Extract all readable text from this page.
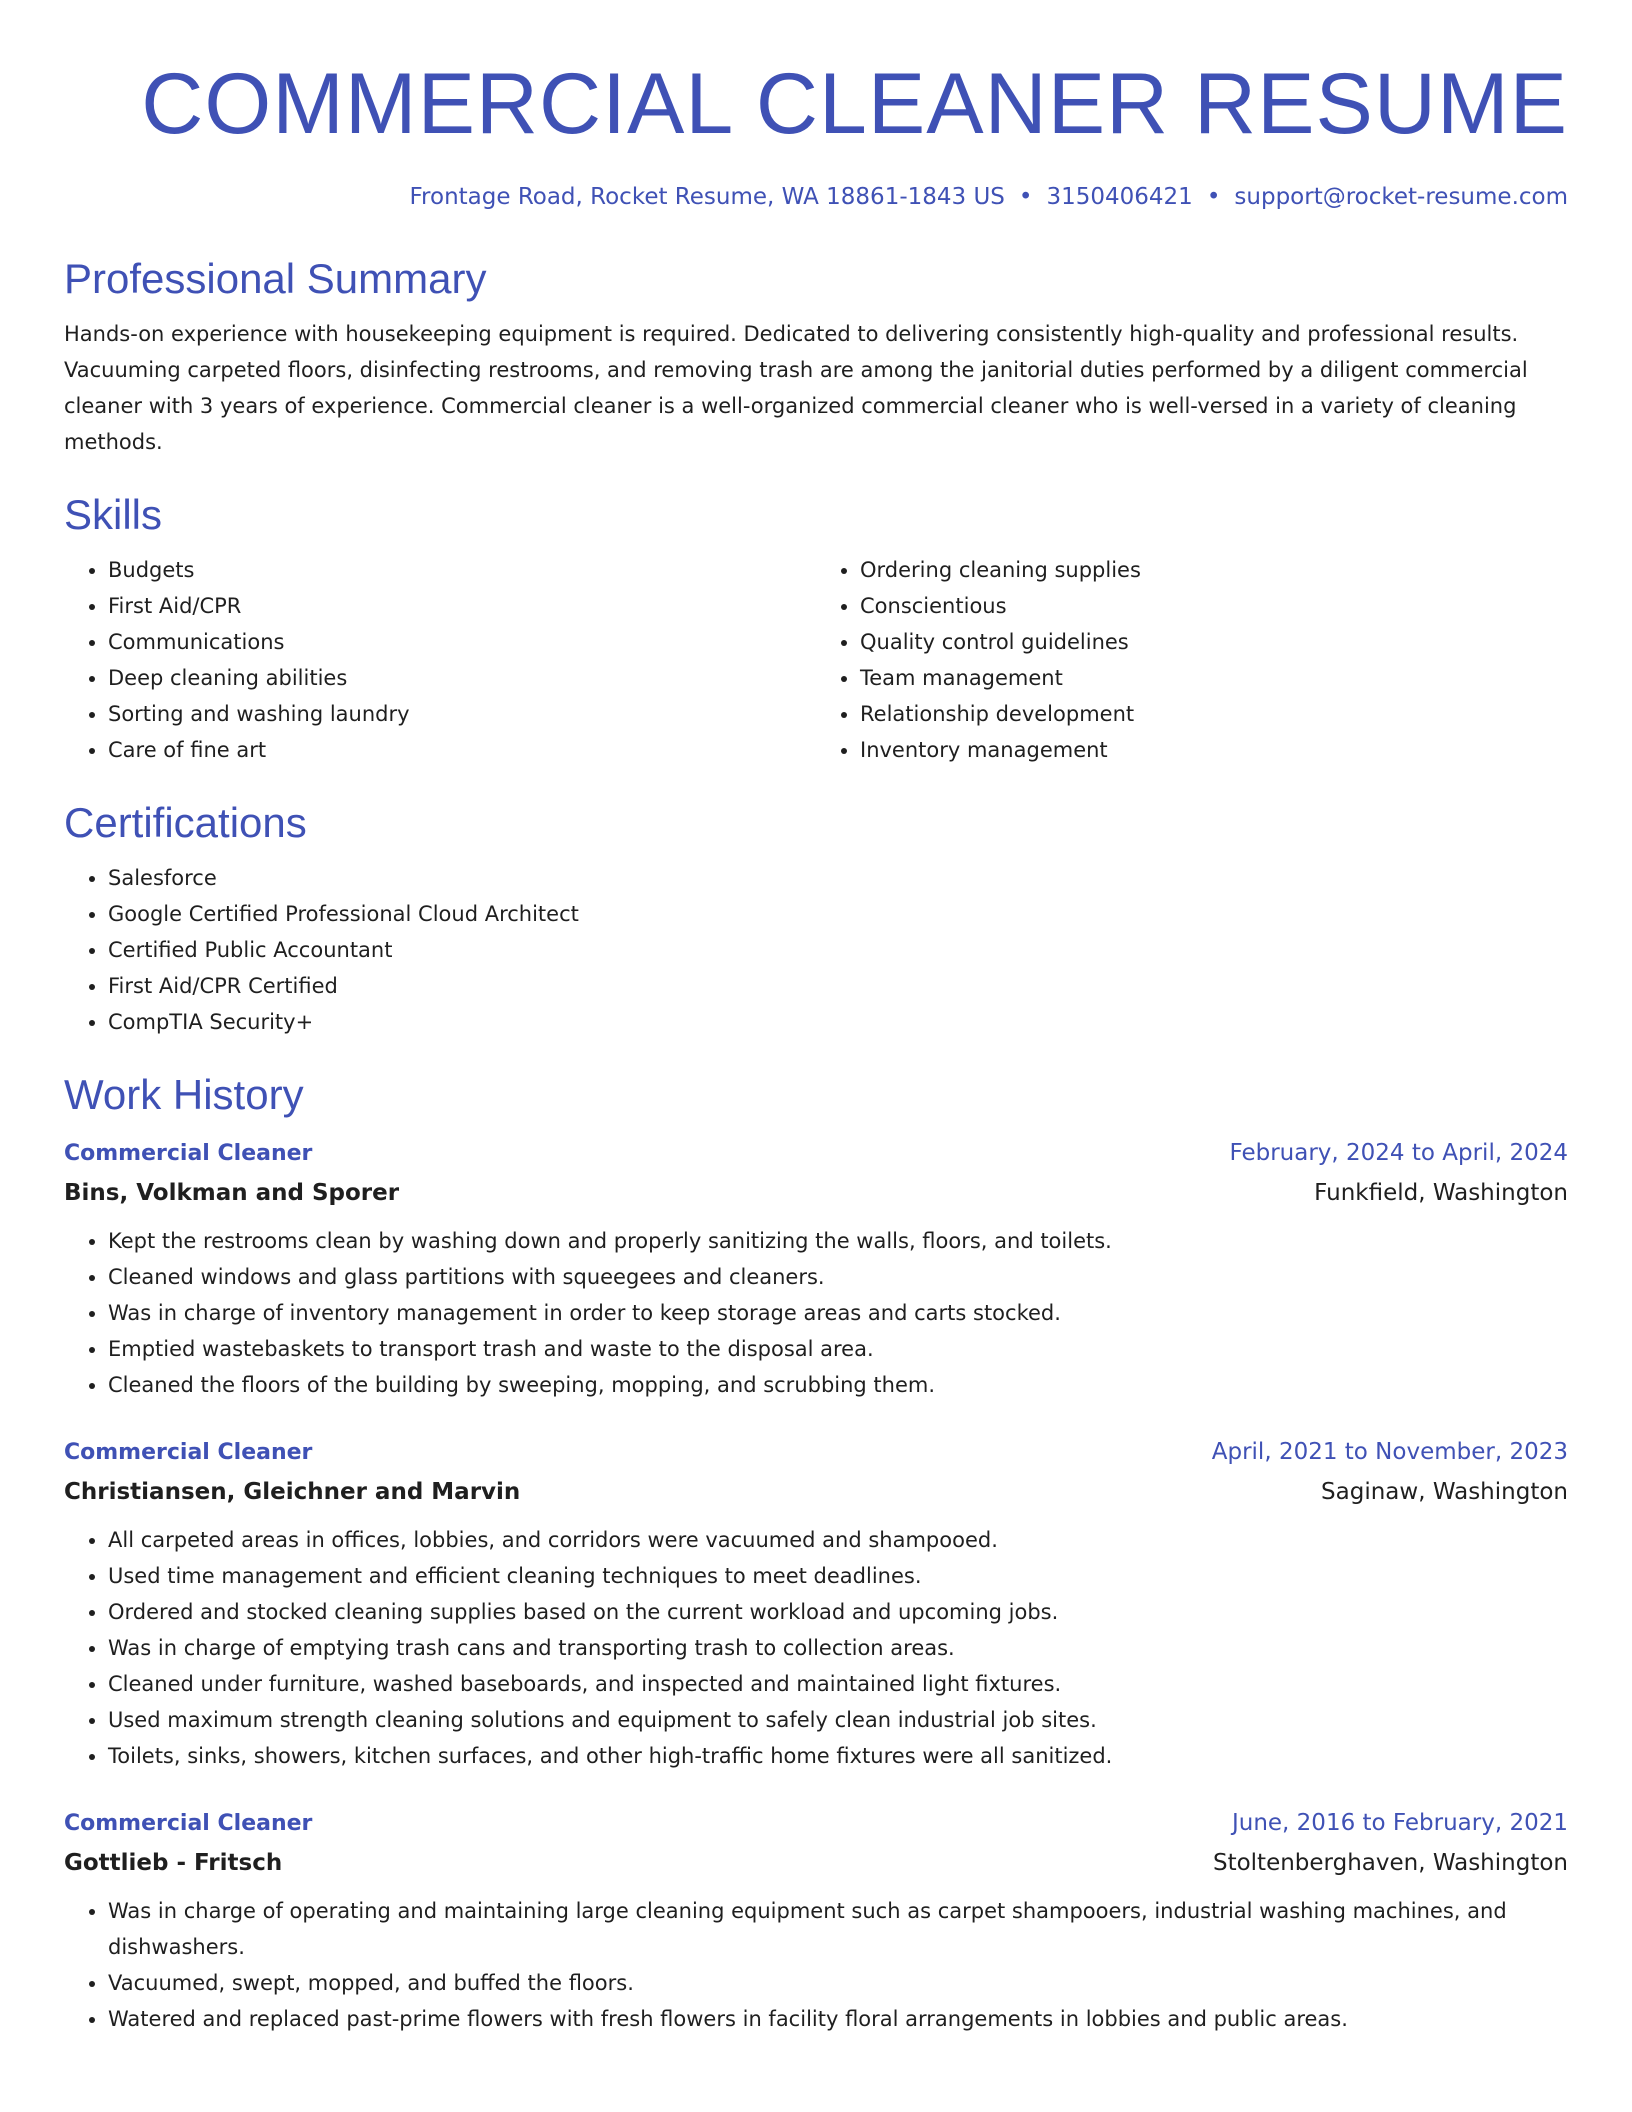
COMMERCIAL CLEANER RESUME
Frontage Road, Rocket Resume, WA 18861-1843 US • 3150406421 • support@rocket-resume.com
Professional Summary

Hands-on experience with housekeeping equipment is required. Dedicated to delivering consistently high-quality and professional results. Vacuuming carpeted floors, disinfecting restrooms, and removing trash are among the janitorial duties performed by a diligent commercial cleaner with 3 years of experience. Commercial cleaner is a well-organized commercial cleaner who is well-versed in a variety of cleaning methods.

Skills
• Budgets
• First Aid/CPR
• Communications
• Deep cleaning abilities
• Sorting and washing laundry
• Care of fine art
• Ordering cleaning supplies
• Conscientious
• Quality control guidelines
• Team management
• Relationship development
• Inventory management
Certifications
• Salesforce
• Google Certified Professional Cloud Architect
• Certified Public Accountant
• First Aid/CPR Certified
• CompTIA Security+
Work History
Commercial Cleaner	February, 2024 to April, 2024
Bins, Volkman and Sporer	Funkfield, Washington
• Kept the restrooms clean by washing down and properly sanitizing the walls, floors, and toilets.
• Cleaned windows and glass partitions with squeegees and cleaners.
• Was in charge of inventory management in order to keep storage areas and carts stocked.
• Emptied wastebaskets to transport trash and waste to the disposal area.
• Cleaned the floors of the building by sweeping, mopping, and scrubbing them.
Commercial Cleaner	April, 2021 to November, 2023
Christiansen, Gleichner and Marvin	Saginaw, Washington
• All carpeted areas in offices, lobbies, and corridors were vacuumed and shampooed.
• Used time management and efficient cleaning techniques to meet deadlines.
• Ordered and stocked cleaning supplies based on the current workload and upcoming jobs.
• Was in charge of emptying trash cans and transporting trash to collection areas.
• Cleaned under furniture, washed baseboards, and inspected and maintained light fixtures.
• Used maximum strength cleaning solutions and equipment to safely clean industrial job sites.
• Toilets, sinks, showers, kitchen surfaces, and other high-traffic home fixtures were all sanitized.
Commercial Cleaner	June, 2016 to February, 2021
Gottlieb - Fritsch	Stoltenberghaven, Washington
• Was in charge of operating and maintaining large cleaning equipment such as carpet shampooers, industrial washing machines, and dishwashers.
• Vacuumed, swept, mopped, and buffed the floors.
• Watered and replaced past-prime flowers with fresh flowers in facility floral arrangements in lobbies and public areas.
